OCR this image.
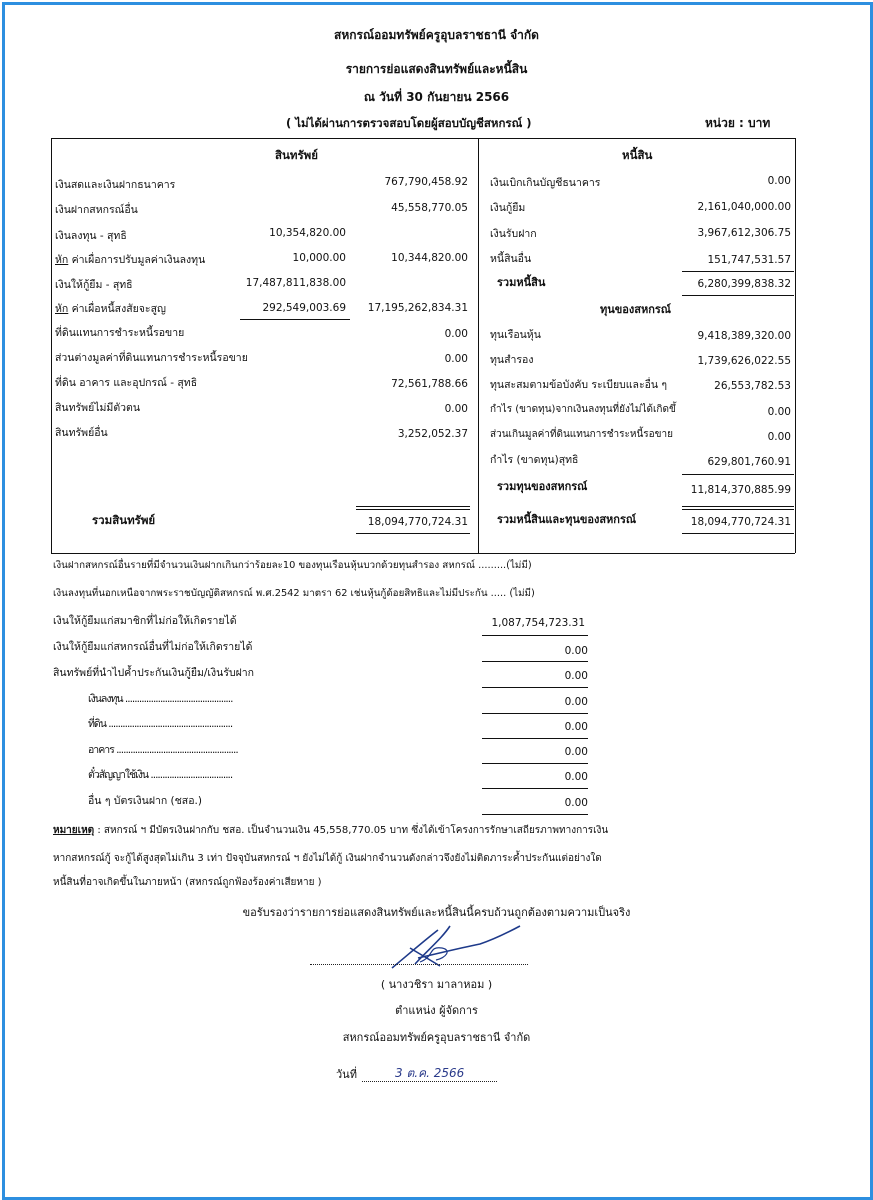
สหกรณ์ออมทรัพย์ครูอุบลราชธานี จำกัด
รายการย่อแสดงสินทรัพย์และหนี้สิน
ณ วันที่ 30 กันยายน 2566
( ไม่ได้ผ่านการตรวจสอบโดยผู้สอบบัญชีสหกรณ์ )	หน่วย : บาท
สินทรัพย์	หนี้สิน
เงินสดและเงินฝากธนาคาร	767,790,458.92
เงินฝากสหกรณ์อื่น	45,558,770.05
เงินลงทุน - สุทธิ	10,354,820.00
หัก ค่าเผื่อการปรับมูลค่าเงินลงทุน	10,000.00	10,344,820.00
เงินให้กู้ยืม - สุทธิ	17,487,811,838.00
หัก ค่าเผื่อหนี้สงสัยจะสูญ	292,549,003.69	17,195,262,834.31
ที่ดินแทนการชำระหนี้รอขาย	0.00
ส่วนต่างมูลค่าที่ดินแทนการชำระหนี้รอขาย	0.00
ที่ดิน อาคาร และอุปกรณ์ - สุทธิ	72,561,788.66
สินทรัพย์ไม่มีตัวตน	0.00
สินทรัพย์อื่น	3,252,052.37
รวมสินทรัพย์	18,094,770,724.31
เงินเบิกเกินบัญชีธนาคาร	0.00
เงินกู้ยืม	2,161,040,000.00
เงินรับฝาก	3,967,612,306.75
หนี้สินอื่น	151,747,531.57
รวมหนี้สิน	6,280,399,838.32
ทุนของสหกรณ์
ทุนเรือนหุ้น	9,418,389,320.00
ทุนสำรอง	1,739,626,022.55
ทุนสะสมตามข้อบังคับ ระเบียบและอื่น ๆ	26,553,782.53
กำไร (ขาดทุน)จากเงินลงทุนที่ยังไม่ได้เกิดขึ้	0.00
ส่วนเกินมูลค่าที่ดินแทนการชำระหนี้รอขาย	0.00
กำไร (ขาดทุน)สุทธิ	629,801,760.91
รวมทุนของสหกรณ์	11,814,370,885.99
รวมหนี้สินและทุนของสหกรณ์	18,094,770,724.31
เงินฝากสหกรณ์อื่นรายที่มีจำนวนเงินฝากเกินกว่าร้อยละ10 ของทุนเรือนหุ้นบวกด้วยทุนสำรอง สหกรณ์ .........(ไม่มี)
เงินลงทุนที่นอกเหนือจากพระราชบัญญัติสหกรณ์ พ.ศ.2542 มาตรา 62 เช่นหุ้นกู้ด้อยสิทธิและไม่มีประกัน ..... (ไม่มี)
เงินให้กู้ยืมแก่สมาชิกที่ไม่ก่อให้เกิดรายได้	1,087,754,723.31
เงินให้กู้ยืมแก่สหกรณ์อื่นที่ไม่ก่อให้เกิดรายได้	0.00
สินทรัพย์ที่นำไปค้ำประกันเงินกู้ยืม/เงินรับฝาก	0.00
เงินลงทุน ..............................................	0.00
ที่ดิน .....................................................	0.00
อาคาร ....................................................	0.00
ตั๋วสัญญาใช้เงิน ...................................	0.00
อื่น ๆ บัตรเงินฝาก (ชสอ.)	0.00
หมายเหตุ : สหกรณ์ ฯ มีบัตรเงินฝากกับ ชสอ. เป็นจำนวนเงิน 45,558,770.05 บาท ซึ่งได้เข้าโครงการรักษาเสถียรภาพทางการเงิน
หากสหกรณ์กู้ จะกู้ได้สูงสุดไม่เกิน 3 เท่า ปัจจุบันสหกรณ์ ฯ ยังไม่ได้กู้ เงินฝากจำนวนดังกล่าวจึงยังไม่ติดภาระค้ำประกันแต่อย่างใด
หนี้สินที่อาจเกิดขึ้นในภายหน้า (สหกรณ์ถูกฟ้องร้องค่าเสียหาย )
ขอรับรองว่ารายการย่อแสดงสินทรัพย์และหนี้สินนี้ครบถ้วนถูกต้องตามความเป็นจริง
( นางวชิรา มาลาหอม )
ตำแหน่ง ผู้จัดการ
สหกรณ์ออมทรัพย์ครูอุบลราชธานี จำกัด
วันที่	3 ต.ค. 2566
